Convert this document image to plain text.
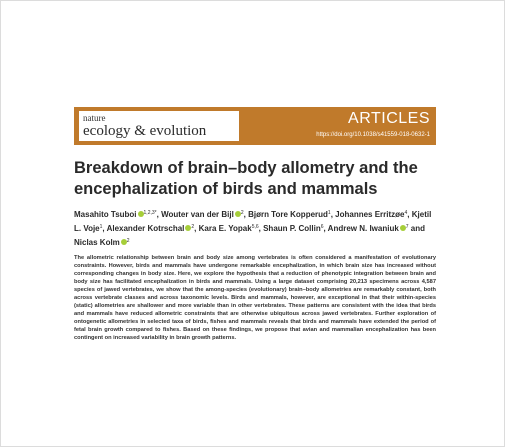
nature
ecology & evolution
ARTICLES
https://doi.org/10.1038/s41559-018-0632-1
Breakdown of brain–body allometry and the
encephalization of birds and mammals
Masahito Tsuboi $^{1,2,3*}$, Wouter van der Bijl $^2$, Bjørn Tore Kopperud$^1$, Johannes Erritzøe$^4$, Kjetil L. Voje$^1$, Alexander Kotrschal $^2$, Kara E. Yopak$^{5,6}$, Shaun P. Collin$^6$, Andrew N. Iwaniuk $^7$ and Niclas Kolm $^2$
The allometric relationship between brain and body size among vertebrates is often considered a manifestation of evolutionary constraints. However, birds and mammals have undergone remarkable encephalization, in which brain size has increased without corresponding changes in body size. Here, we explore the hypothesis that a reduction of phenotypic integration between brain and body size has facilitated encephalization in birds and mammals. Using a large dataset comprising 20,213 specimens across 4,587 species of jawed vertebrates, we show that the among-species (evolutionary) brain–body allometries are remarkably constant, both across vertebrate classes and across taxonomic levels. Birds and mammals, however, are exceptional in that their within-species (static) allometries are shallower and more variable than in other vertebrates. These patterns are consistent with the idea that birds and mammals have reduced allometric constraints that are otherwise ubiquitous across jawed vertebrates. Further exploration of ontogenetic allometries in selected taxa of birds, fishes and mammals reveals that birds and mammals have extended the period of fetal brain growth compared to fishes. Based on these findings, we propose that avian and mammalian encephalization has been contingent on increased variability in brain growth patterns.
